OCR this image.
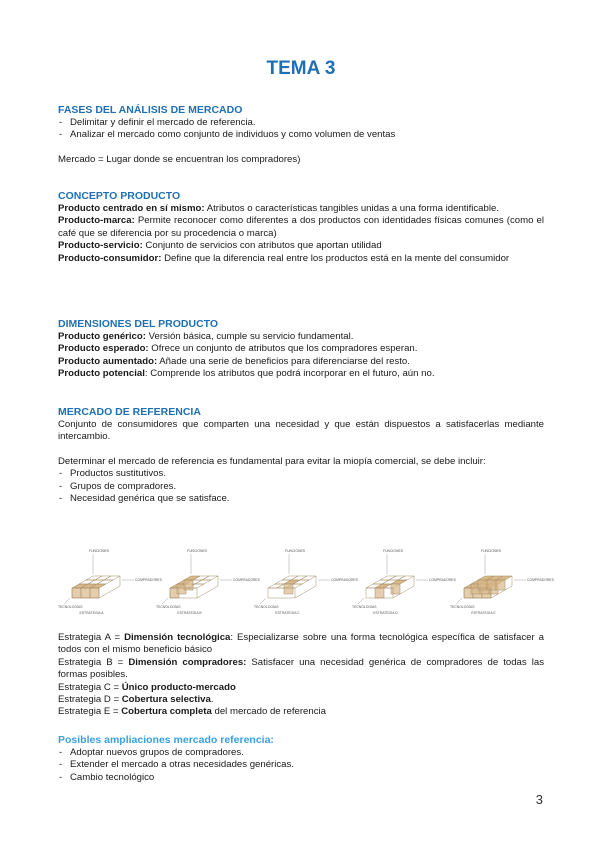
TEMA 3

FASES DEL ANÁLISIS DE MERCADO

- Delimitar y definir el mercado de referencia.

- Analizar el mercado como conjunto de individuos y como volumen de ventas

Mercado = Lugar donde se encuentran los compradores)

CONCEPTO PRODUCTO

Producto centrado en sí mismo: Atributos o características tangibles unidas a una forma identificable.

Producto-marca: Permite reconocer como diferentes a dos productos con identidades físicas comunes (como el café que se diferencia por su procedencia o marca)

Producto-servicio: Conjunto de servicios con atributos que aportan utilidad

Producto-consumidor: Define que la diferencia real entre los productos está en la mente del consumidor

DIMENSIONES DEL PRODUCTO

Producto genérico: Versión básica, cumple su servicio fundamental.

Producto esperado: Ofrece un conjunto de atributos que los compradores esperan.

Producto aumentado: Añade una serie de beneficios para diferenciarse del resto.

Producto potencial: Comprende los atributos que podrá incorporar en el futuro, aún no.

MERCADO DE REFERENCIA

Conjunto de consumidores que comparten una necesidad y que están dispuestos a satisfacerlas mediante intercambio.

Determinar el mercado de referencia es fundamental para evitar la miopía comercial, se debe incluir:

- Productos sustitutivos.

- Grupos de compradores.

- Necesidad genérica que se satisface.

FUNCIONES
COMPRADORES
TECNOLOGÍAS
ESTRATEGIA A
FUNCIONES
COMPRADORES
TECNOLOGÍAS
ESTRATEGIA B
FUNCIONES
COMPRADORES
TECNOLOGÍAS
ESTRATEGIA C
FUNCIONES
COMPRADORES
TECNOLOGÍAS
ESTRATEGIA D
FUNCIONES
COMPRADORES
TECNOLOGÍAS
ESTRATEGIA E

Estrategia A = Dimensión tecnológica: Especializarse sobre una forma tecnológica específica de satisfacer a todos con el mismo beneficio básico

Estrategia B = Dimensión compradores: Satisfacer una necesidad genérica de compradores de todas las formas posibles.

Estrategia C = Único producto-mercado

Estrategia D = Cobertura selectiva.

Estrategia E = Cobertura completa del mercado de referencia

Posibles ampliaciones mercado referencia:

- Adoptar nuevos grupos de compradores.

- Extender el mercado a otras necesidades genéricas.

- Cambio tecnológico

3
